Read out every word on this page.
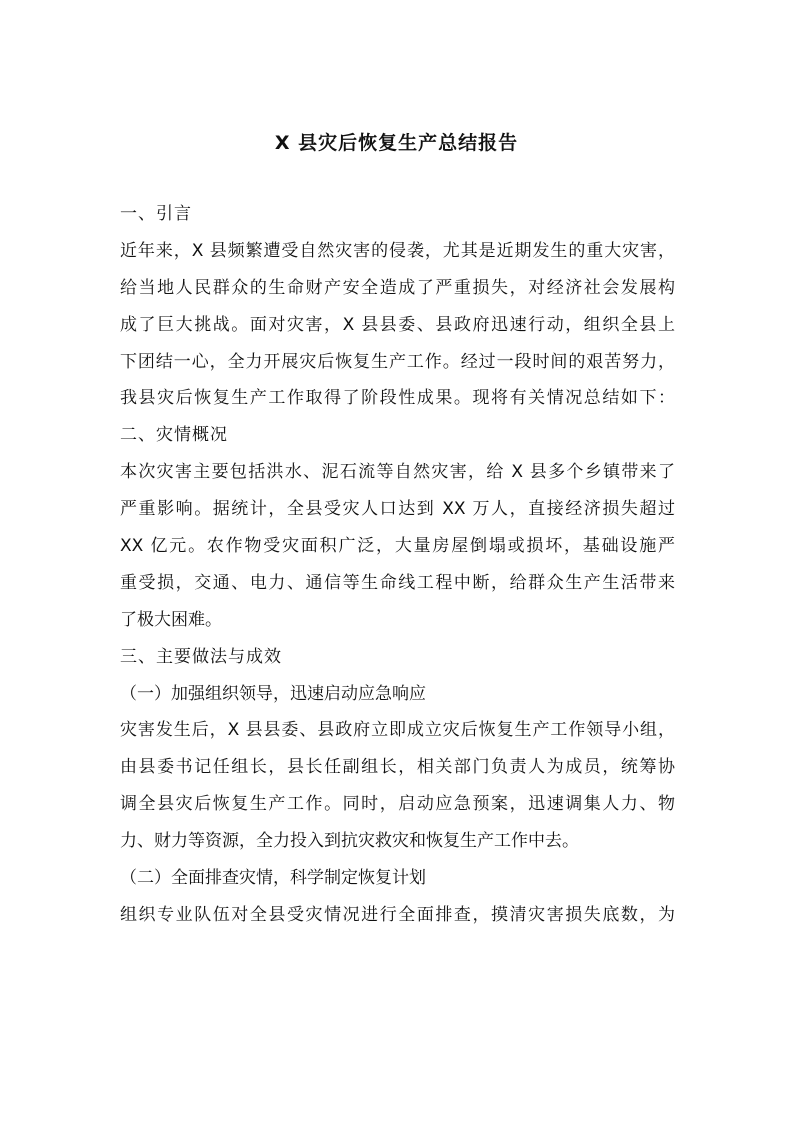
X 县灾后恢复生产总结报告
一、引言
近年来，X 县频繁遭受自然灾害的侵袭，尤其是近期发生的重大灾害，
给当地人民群众的生命财产安全造成了严重损失，对经济社会发展构
成了巨大挑战。面对灾害，X 县县委、县政府迅速行动，组织全县上
下团结一心，全力开展灾后恢复生产工作。经过一段时间的艰苦努力，
我县灾后恢复生产工作取得了阶段性成果。现将有关情况总结如下：
二、灾情概况
本次灾害主要包括洪水、泥石流等自然灾害，给 X 县多个乡镇带来了
严重影响。据统计，全县受灾人口达到 XX 万人，直接经济损失超过
XX 亿元。农作物受灾面积广泛，大量房屋倒塌或损坏，基础设施严
重受损，交通、电力、通信等生命线工程中断，给群众生产生活带来
了极大困难。
三、主要做法与成效
（一）加强组织领导，迅速启动应急响应
灾害发生后，X 县县委、县政府立即成立灾后恢复生产工作领导小组，
由县委书记任组长，县长任副组长，相关部门负责人为成员，统筹协
调全县灾后恢复生产工作。同时，启动应急预案，迅速调集人力、物
力、财力等资源，全力投入到抗灾救灾和恢复生产工作中去。
（二）全面排查灾情，科学制定恢复计划
组织专业队伍对全县受灾情况进行全面排查，摸清灾害损失底数，为
